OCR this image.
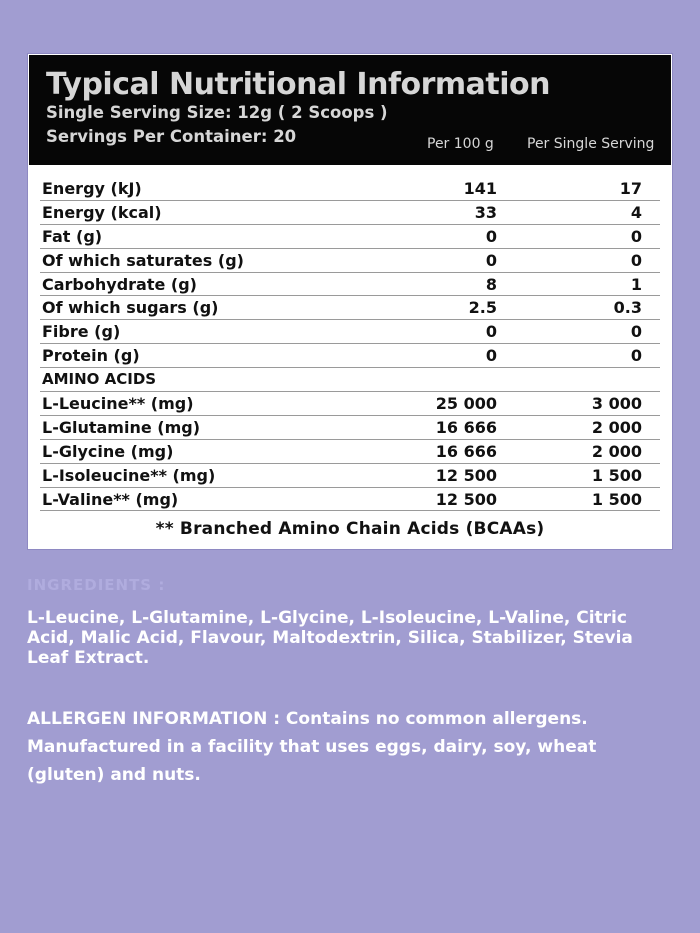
Typical Nutritional Information
Single Serving Size: 12g ( 2 Scoops )
Servings Per Container: 20	Per 100 g Per Single Serving
Energy (kJ)	141	17
Energy (kcal)	33	4
Fat (g)	0	0
Of which saturates (g)	0	0
Carbohydrate (g)	8	1
Of which sugars (g)	2.5	0.3
Fibre (g)	0	0
Protein (g)	0	0
AMINO ACIDS
L-Leucine** (mg)	25 000	3 000
L-Glutamine (mg)	16 666	2 000
L-Glycine (mg)	16 666	2 000
L-Isoleucine** (mg)	12 500	1 500
L-Valine** (mg)	12 500	1 500
** Branched Amino Chain Acids (BCAAs)
INGREDIENTS :
L-Leucine, L-Glutamine, L-Glycine, L-Isoleucine, L-Valine, Citric Acid, Malic Acid, Flavour, Maltodextrin, Silica, Stabilizer, Stevia Leaf Extract.
ALLERGEN INFORMATION : Contains no common allergens. Manufactured in a facility that uses eggs, dairy, soy, wheat (gluten) and nuts.
